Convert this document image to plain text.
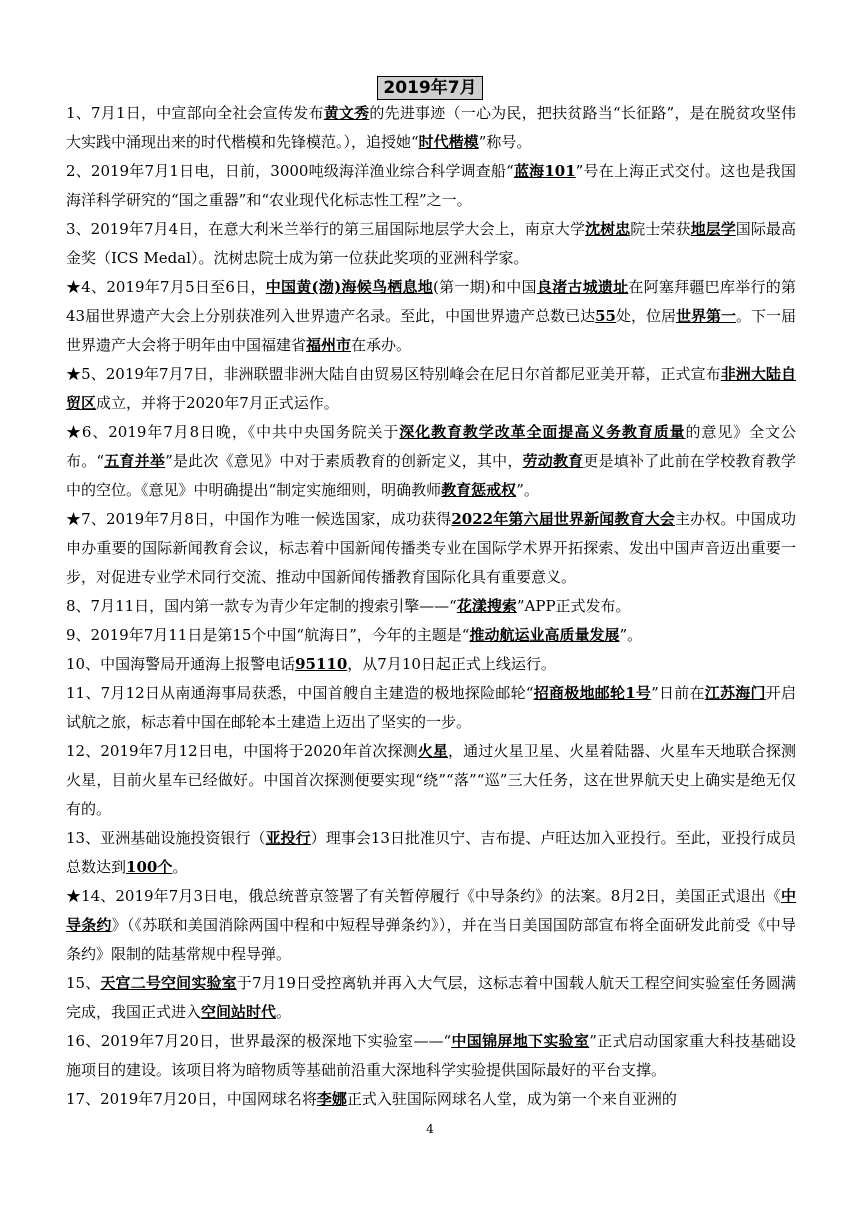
2019年7月

1、7月1日，中宣部向全社会宣传发布黄文秀的先进事迹（一心为民，把扶贫路当“长征路”，是在脱贫攻坚伟大实践中涌现出来的时代楷模和先锋模范。），追授她“时代楷模”称号。

2、2019年7月1日电，日前，3000吨级海洋渔业综合科学调查船“蓝海101”号在上海正式交付。这也是我国海洋科学研究的“国之重器”和“农业现代化标志性工程”之一。

3、2019年7月4日，在意大利米兰举行的第三届国际地层学大会上，南京大学沈树忠院士荣获地层学国际最高金奖（ICS Medal）。沈树忠院士成为第一位获此奖项的亚洲科学家。

★4、2019年7月5日至6日，中国黄(渤)海候鸟栖息地(第一期)和中国良渚古城遗址在阿塞拜疆巴库举行的第43届世界遗产大会上分别获准列入世界遗产名录。至此，中国世界遗产总数已达55处，位居世界第一。下一届世界遗产大会将于明年由中国福建省福州市在承办。

★5、2019年7月7日，非洲联盟非洲大陆自由贸易区特别峰会在尼日尔首都尼亚美开幕，正式宣布非洲大陆自贸区成立，并将于2020年7月正式运作。

★6、2019年7月8日晚，《中共中央国务院关于深化教育教学改革全面提高义务教育质量的意见》全文公布。“五育并举”是此次《意见》中对于素质教育的创新定义，其中，劳动教育更是填补了此前在学校教育教学中的空位。《意见》中明确提出“制定实施细则，明确教师教育惩戒权”。

★7、2019年7月8日，中国作为唯一候选国家，成功获得2022年第六届世界新闻教育大会主办权。中国成功申办重要的国际新闻教育会议，标志着中国新闻传播类专业在国际学术界开拓探索、发出中国声音迈出重要一步，对促进专业学术同行交流、推动中国新闻传播教育国际化具有重要意义。

8、7月11日，国内第一款专为青少年定制的搜索引擎——“花漾搜索”APP正式发布。

9、2019年7月11日是第15个中国“航海日”，今年的主题是“推动航运业高质量发展”。

10、中国海警局开通海上报警电话95110，从7月10日起正式上线运行。

11、7月12日从南通海事局获悉，中国首艘自主建造的极地探险邮轮“招商极地邮轮1号”日前在江苏海门开启试航之旅，标志着中国在邮轮本土建造上迈出了坚实的一步。

12、2019年7月12日电，中国将于2020年首次探测火星，通过火星卫星、火星着陆器、火星车天地联合探测火星，目前火星车已经做好。中国首次探测便要实现“绕”“落”“巡”三大任务，这在世界航天史上确实是绝无仅有的。

13、亚洲基础设施投资银行（亚投行）理事会13日批准贝宁、吉布提、卢旺达加入亚投行。至此，亚投行成员总数达到100个。

★14、2019年7月3日电，俄总统普京签署了有关暂停履行《中导条约》的法案。8月2日，美国正式退出《中导条约》（《苏联和美国消除两国中程和中短程导弹条约》），并在当日美国国防部宣布将全面研发此前受《中导条约》限制的陆基常规中程导弹。

15、天宫二号空间实验室于7月19日受控离轨并再入大气层，这标志着中国载人航天工程空间实验室任务圆满完成，我国正式进入空间站时代。

16、2019年7月20日，世界最深的极深地下实验室——“中国锦屏地下实验室”正式启动国家重大科技基础设施项目的建设。该项目将为暗物质等基础前沿重大深地科学实验提供国际最好的平台支撑。

17、2019年7月20日，中国网球名将李娜正式入驻国际网球名人堂，成为第一个来自亚洲的

4
